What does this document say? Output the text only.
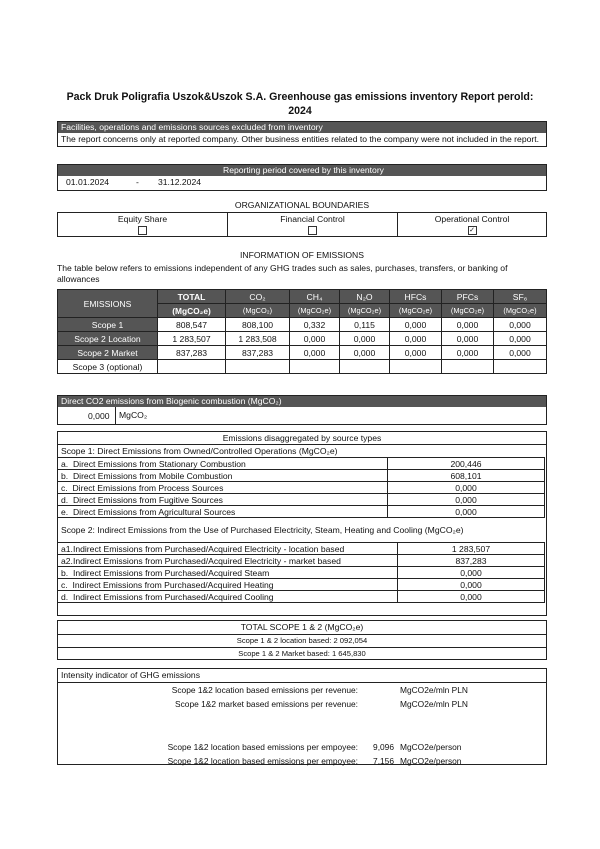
Pack Druk Poligrafia Uszok&Uszok S.A. Greenhouse gas emissions inventory Report perold:
2024
Facilities, operations and emissions sources excluded from inventory
The report concerns only at reported company. Other business entities related to the company were not included in the report.
Reporting period covered by this inventory
01.01.2024	- 31.12.2024
ORGANIZATIONAL BOUNDARIES
Equity Share	Financial Control	Operational Control
		✓
INFORMATION OF EMISSIONS
The table below refers to emissions independent of any GHG trades such as sales, purchases, transfers, or banking of allowances
EMISSIONS	TOTAL	CO₂	CH₄	N₂O	HFCs	PFCs	SF₆
	(MgCO₂e)	(MgCO₂)	(MgCO₂e)	(MgCO₂e)	(MgCO₂e)	(MgCO₂e)	(MgCO₂e)
Scope 1	808,547	808,100	0,332	0,115	0,000	0,000	0,000
Scope 2 Location	1 283,507	1 283,508	0,000	0,000	0,000	0,000	0,000
Scope 2 Market	837,283	837,283	0,000	0,000	0,000	0,000	0,000
Scope 3 (optional)							
Direct CO2 emissions from Biogenic combustion (MgCO₂)
0,000	MgCO₂
Emissions disaggregated by source types
Scope 1: Direct Emissions from Owned/Controlled Operations (MgCO₂e)
a. Direct Emissions from Stationary Combustion	200,446
b. Direct Emissions from Mobile Combustion	608,101
c. Direct Emissions from Process Sources	0,000
d. Direct Emissions from Fugitive Sources	0,000
e. Direct Emissions from Agricultural Sources	0,000
Scope 2: Indirect Emissions from the Use of Purchased Electricity, Steam, Heating and Cooling (MgCO₂e)
a1.Indirect Emissions from Purchased/Acquired Electricity - location based	1 283,507
a2.Indirect Emissions from Purchased/Acquired Electricity - market based	837,283
b. Indirect Emissions from Purchased/Acquired Steam	0,000
c. Indirect Emissions from Purchased/Acquired Heating	0,000
d. Indirect Emissions from Purchased/Acquired Cooling	0,000
TOTAL SCOPE 1 & 2 (MgCO₂e)
Scope 1 & 2 location based: 2 092,054
Scope 1 & 2 Market based: 1 645,830
Intensity indicator of GHG emissions
Scope 1&2 location based emissions per revenue:	MgCO2e/mln PLN
Scope 1&2 market based emissions per revenue:	MgCO2e/mln PLN
Scope 1&2 location based emissions per empoyee:	9,096 MgCO2e/person
Scope 1&2 location based emissions per empoyee:	7,156 MgCO2e/person
